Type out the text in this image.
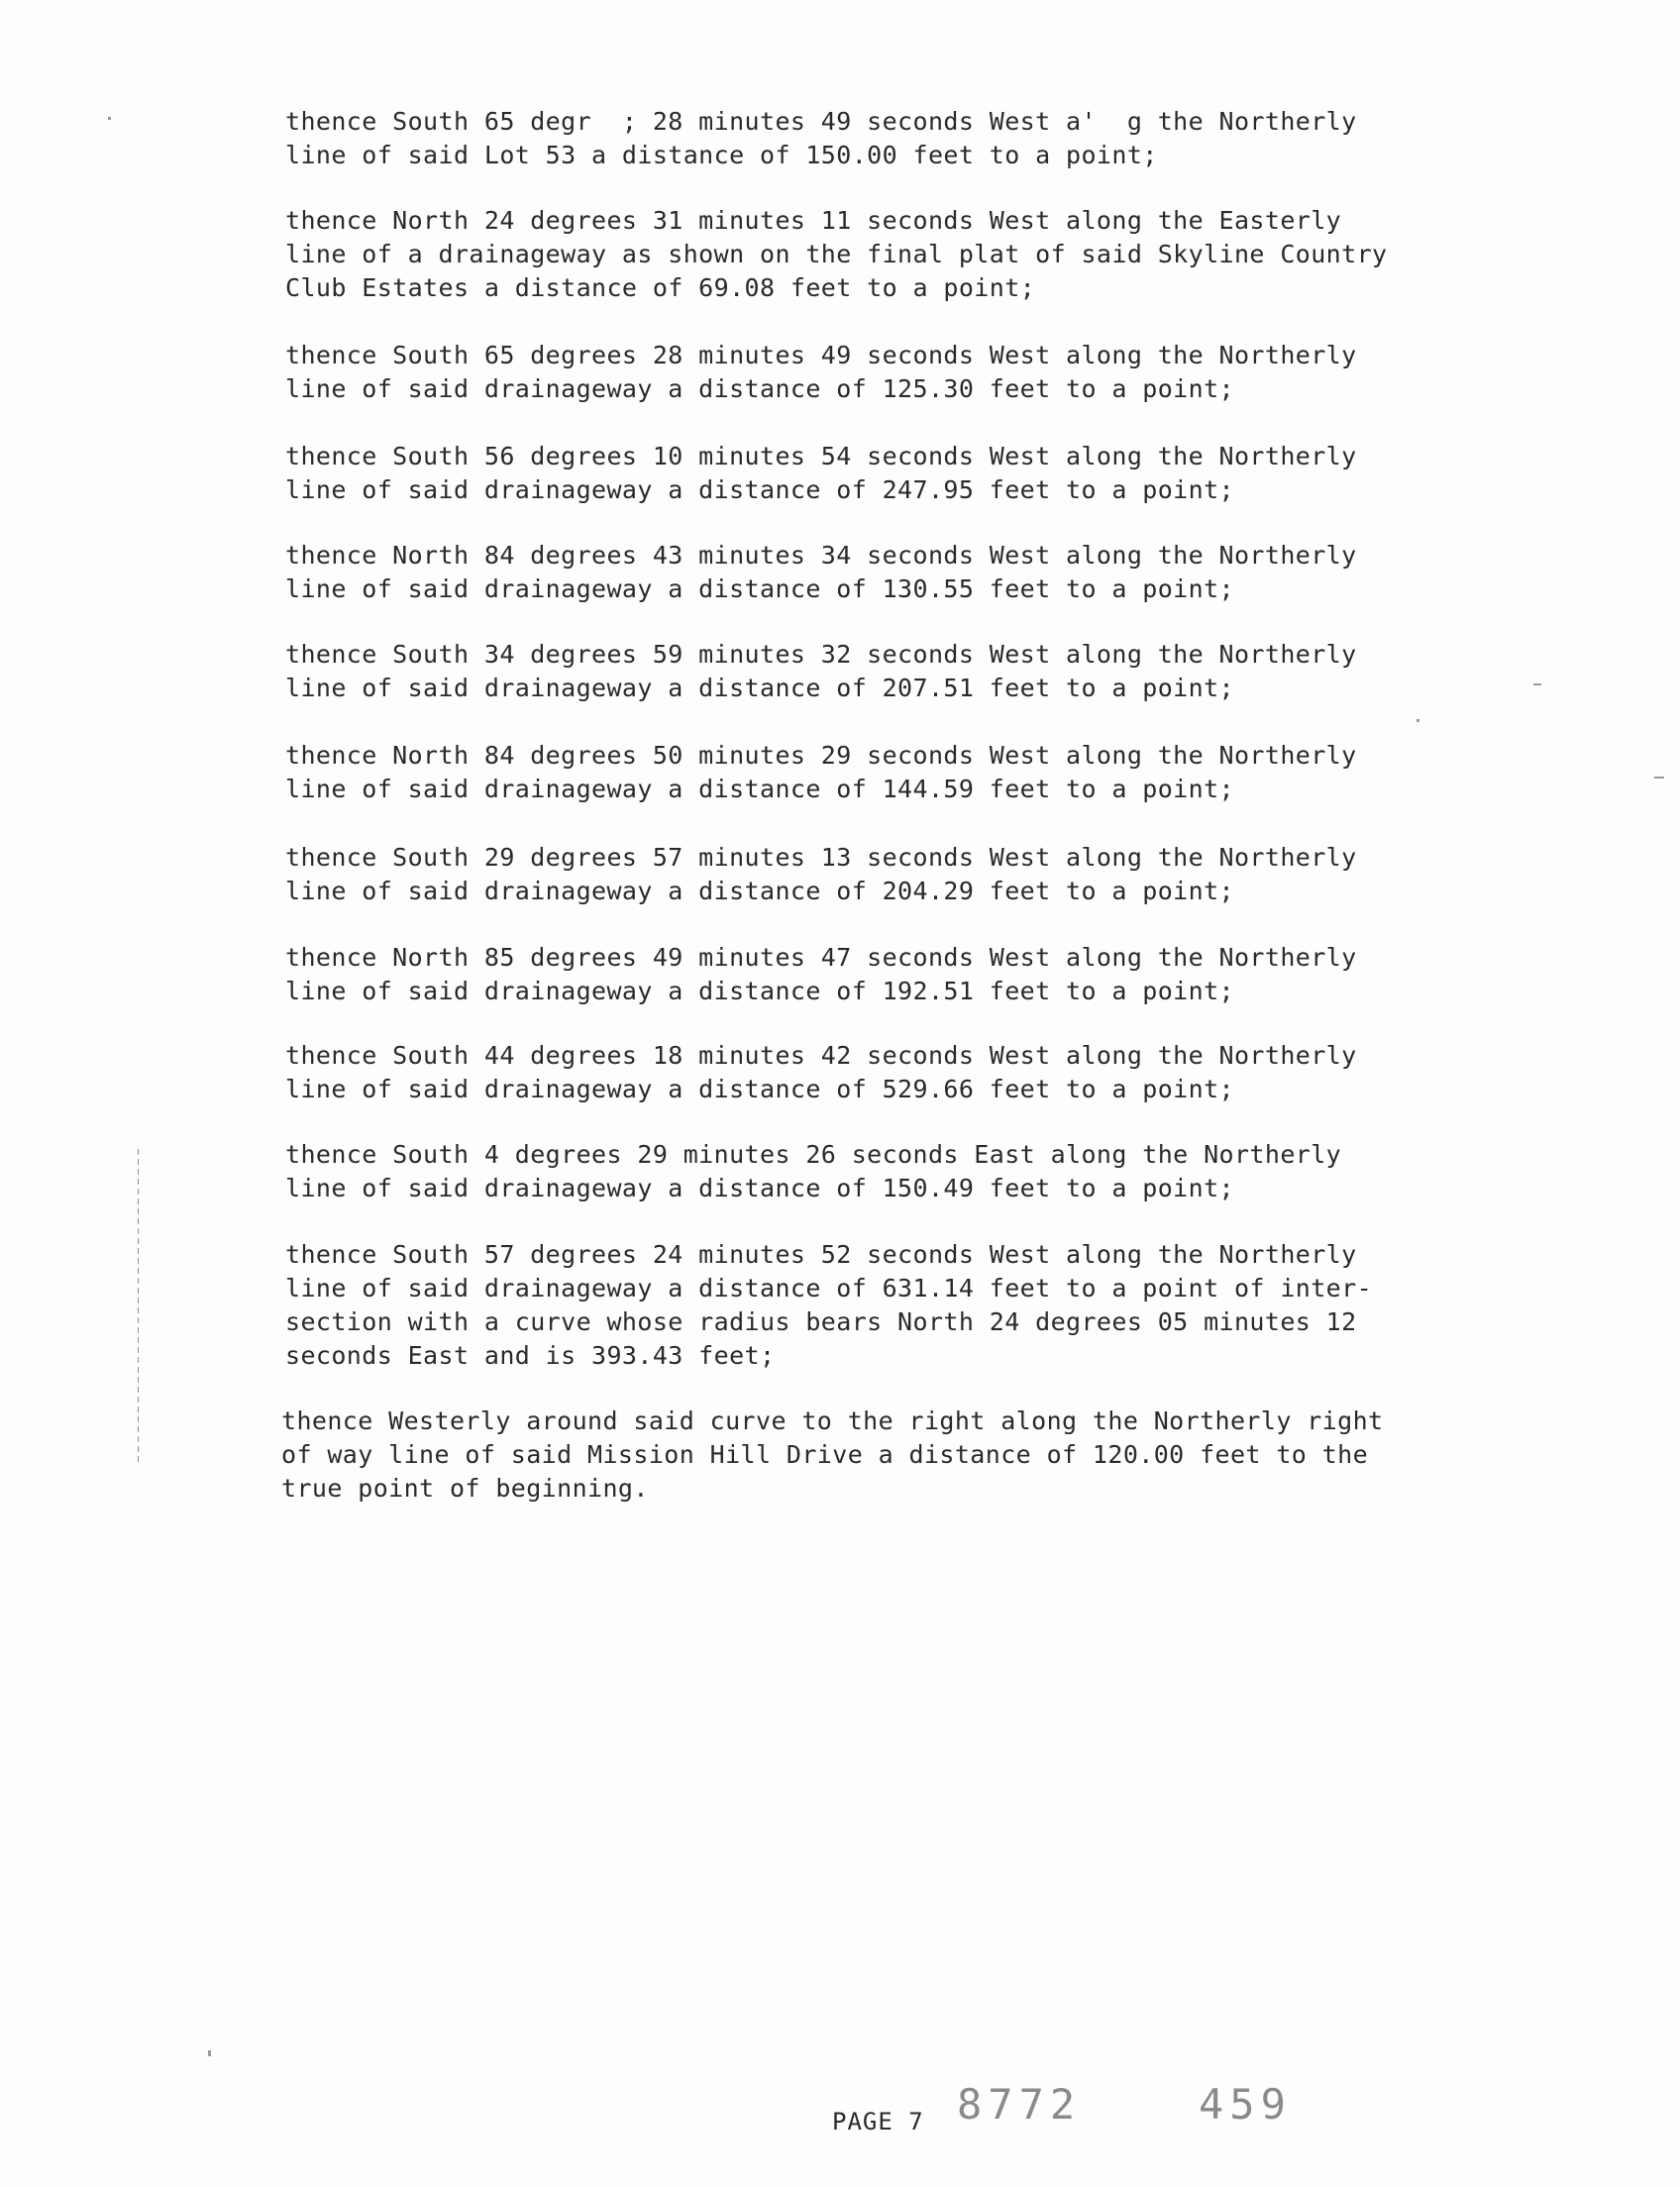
thence South 65 degr  ; 28 minutes 49 seconds West a'  g the Northerly
line of said Lot 53 a distance of 150.00 feet to a point;

thence North 24 degrees 31 minutes 11 seconds West along the Easterly
line of a drainageway as shown on the final plat of said Skyline Country
Club Estates a distance of 69.08 feet to a point;

thence South 65 degrees 28 minutes 49 seconds West along the Northerly
line of said drainageway a distance of 125.30 feet to a point;

thence South 56 degrees 10 minutes 54 seconds West along the Northerly
line of said drainageway a distance of 247.95 feet to a point;

thence North 84 degrees 43 minutes 34 seconds West along the Northerly
line of said drainageway a distance of 130.55 feet to a point;

thence South 34 degrees 59 minutes 32 seconds West along the Northerly
line of said drainageway a distance of 207.51 feet to a point;

thence North 84 degrees 50 minutes 29 seconds West along the Northerly
line of said drainageway a distance of 144.59 feet to a point;

thence South 29 degrees 57 minutes 13 seconds West along the Northerly
line of said drainageway a distance of 204.29 feet to a point;

thence North 85 degrees 49 minutes 47 seconds West along the Northerly
line of said drainageway a distance of 192.51 feet to a point;

thence South 44 degrees 18 minutes 42 seconds West along the Northerly
line of said drainageway a distance of 529.66 feet to a point;

thence South 4 degrees 29 minutes 26 seconds East along the Northerly
line of said drainageway a distance of 150.49 feet to a point;

thence South 57 degrees 24 minutes 52 seconds West along the Northerly
line of said drainageway a distance of 631.14 feet to a point of inter-
section with a curve whose radius bears North 24 degrees 05 minutes 12
seconds East and is 393.43 feet;

thence Westerly around said curve to the right along the Northerly right
of way line of said Mission Hill Drive a distance of 120.00 feet to the
true point of beginning.

PAGE 7 8772	459
